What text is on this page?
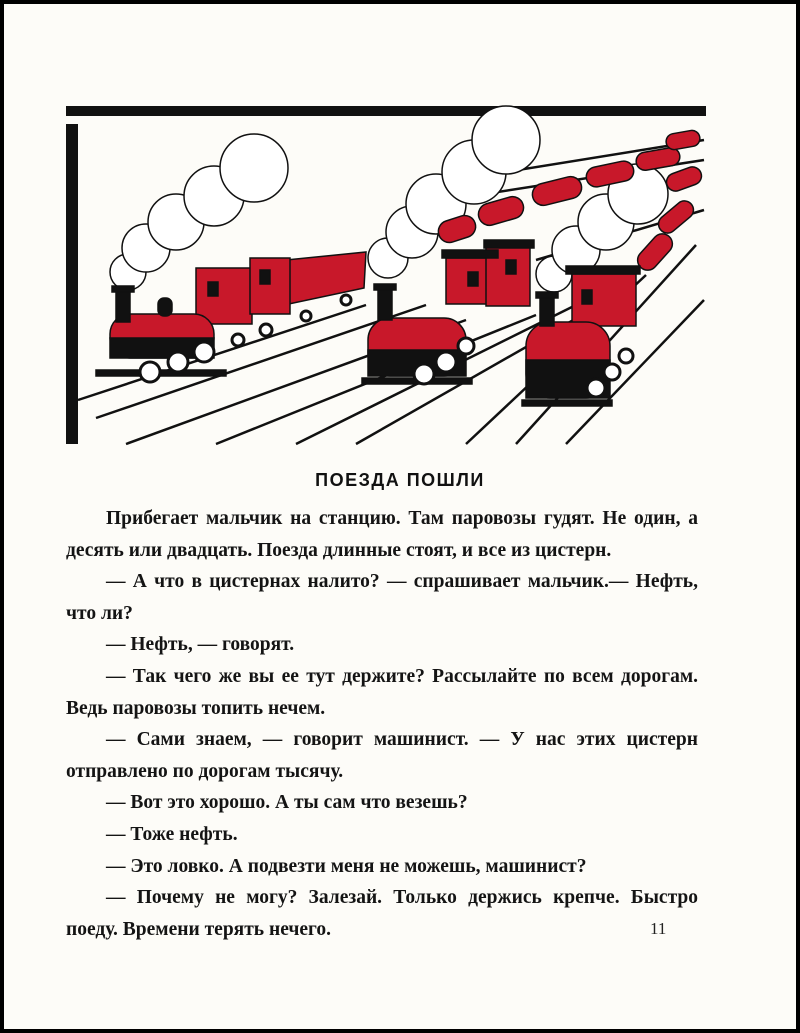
ПОЕЗДА ПОШЛИ

Прибегает мальчик на станцию. Там паровозы гудят. Не один, а десять или двадцать. Поезда длинные стоят, и все из цистерн.

— А что в цистернах налито? — спрашивает мальчик.— Нефть, что ли?

— Нефть, — говорят.

— Так чего же вы ее тут держите? Рассылайте по всем дорогам. Ведь паровозы топить нечем.

— Сами знаем, — говорит машинист. — У нас этих цистерн отправлено по дорогам тысячу.

— Вот это хорошо. А ты сам что везешь?

— Тоже нефть.

— Это ловко. А подвезти меня не можешь, машинист?

— Почему не могу? Залезай. Только держись крепче. Быстро поеду. Времени терять нечего.	11
